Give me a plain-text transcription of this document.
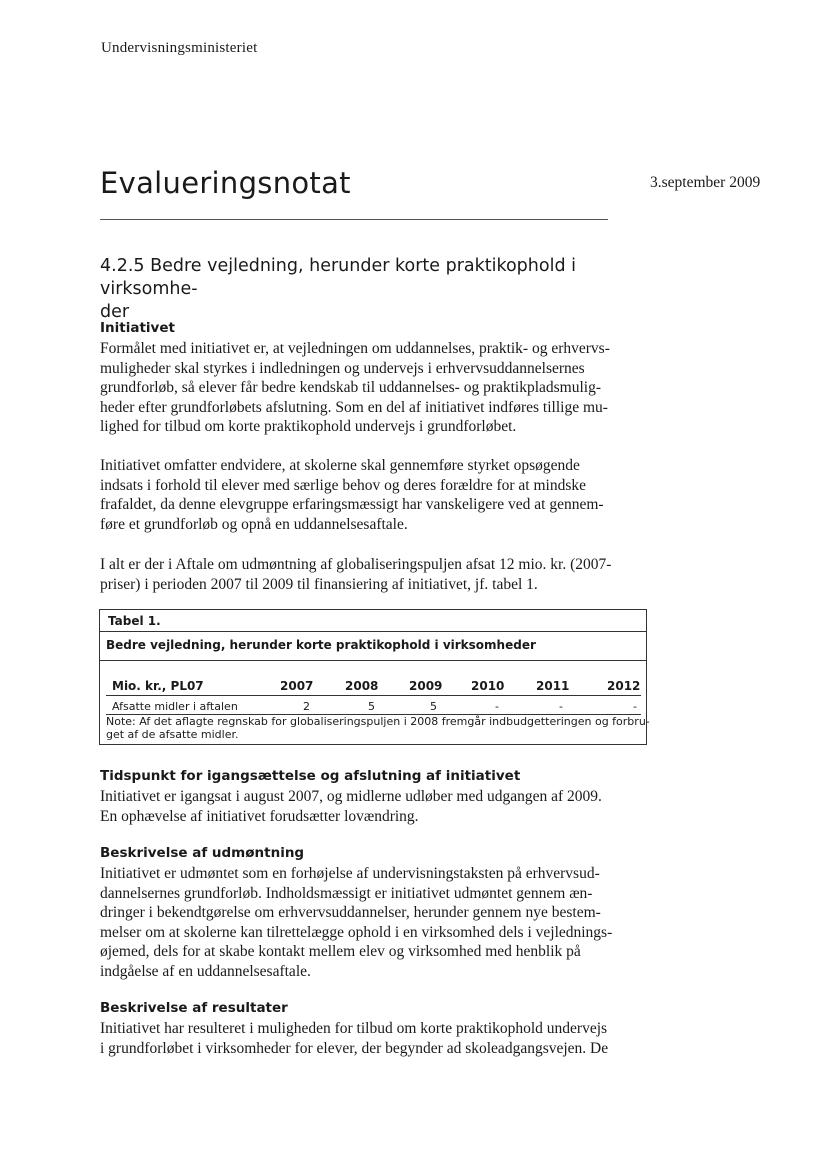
Undervisningsministeriet
Evalueringsnotat	3.september 2009
4.2.5 Bedre vejledning, herunder korte praktikophold i virksomhe-
der
Initiativet
Formålet med initiativet er, at vejledningen om uddannelses, praktik- og erhvervs-
muligheder skal styrkes i indledningen og undervejs i erhvervsuddannelsernes
grundforløb, så elever får bedre kendskab til uddannelses- og praktikpladsmulig-
heder efter grundforløbets afslutning. Som en del af initiativet indføres tillige mu-
lighed for tilbud om korte praktikophold undervejs i grundforløbet.
Initiativet omfatter endvidere, at skolerne skal gennemføre styrket opsøgende
indsats i forhold til elever med særlige behov og deres forældre for at mindske
frafaldet, da denne elevgruppe erfaringsmæssigt har vanskeligere ved at gennem-
føre et grundforløb og opnå en uddannelsesaftale.
I alt er der i Aftale om udmøntning af globaliseringspuljen afsat 12 mio. kr. (2007-
priser) i perioden 2007 til 2009 til finansiering af initiativet, jf. tabel 1.
Tabel 1.
Bedre vejledning, herunder korte praktikophold i virksomheder
Mio. kr., PL07	2007	2008	2009 2010	2011	2012
Afsatte midler i aftalen	2	5	5	-	-	-
Note: Af det aflagte regnskab for globaliseringspuljen i 2008 fremgår indbudgetteringen og forbru-
get af de afsatte midler.
Tidspunkt for igangsættelse og afslutning af initiativet
Initiativet er igangsat i august 2007, og midlerne udløber med udgangen af 2009.
En ophævelse af initiativet forudsætter lovændring.
Beskrivelse af udmøntning
Initiativet er udmøntet som en forhøjelse af undervisningstaksten på erhvervsud-
dannelsernes grundforløb. Indholdsmæssigt er initiativet udmøntet gennem æn-
dringer i bekendtgørelse om erhvervsuddannelser, herunder gennem nye bestem-
melser om at skolerne kan tilrettelægge ophold i en virksomhed dels i vejlednings-
øjemed, dels for at skabe kontakt mellem elev og virksomhed med henblik på
indgåelse af en uddannelsesaftale.
Beskrivelse af resultater
Initiativet har resulteret i muligheden for tilbud om korte praktikophold undervejs
i grundforløbet i virksomheder for elever, der begynder ad skoleadgangsvejen. De
